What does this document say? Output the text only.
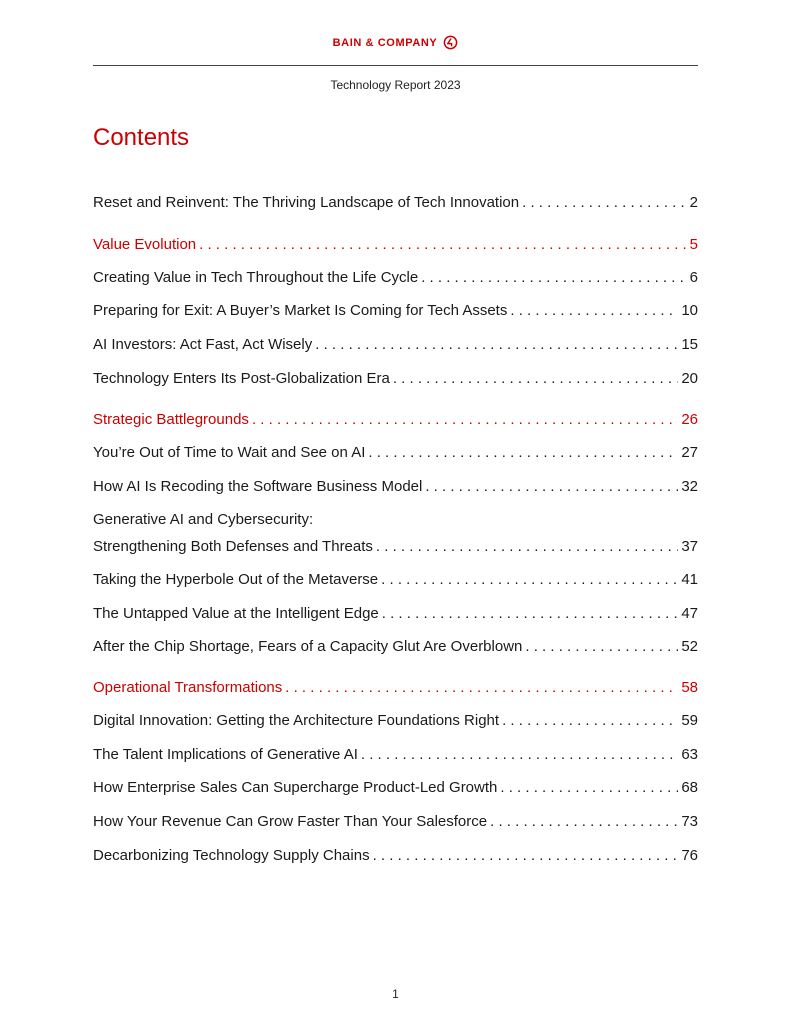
BAIN & COMPANY
Technology Report 2023
Contents
Reset and Reinvent: The Thriving Landscape of Tech Innovation . . .	2
Value Evolution . . .	5
Creating Value in Tech Throughout the Life Cycle . . .	6
Preparing for Exit: A Buyer’s Market Is Coming for Tech Assets . . .	10
AI Investors: Act Fast, Act Wisely . . .	15
Technology Enters Its Post-Globalization Era . . .	20
Strategic Battlegrounds . . .	26
You’re Out of Time to Wait and See on AI . . .	27
How AI Is Recoding the Software Business Model . . .	32
Generative AI and Cybersecurity:
Strengthening Both Defenses and Threats . . .	37
Taking the Hyperbole Out of the Metaverse . . .	41
The Untapped Value at the Intelligent Edge . . .	47
After the Chip Shortage, Fears of a Capacity Glut Are Overblown . . .	52
Operational Transformations . . .	58
Digital Innovation: Getting the Architecture Foundations Right . . .	59
The Talent Implications of Generative AI . . .	63
How Enterprise Sales Can Supercharge Product-Led Growth . . .	68
How Your Revenue Can Grow Faster Than Your Salesforce . . .	73
Decarbonizing Technology Supply Chains . . .	76
1
